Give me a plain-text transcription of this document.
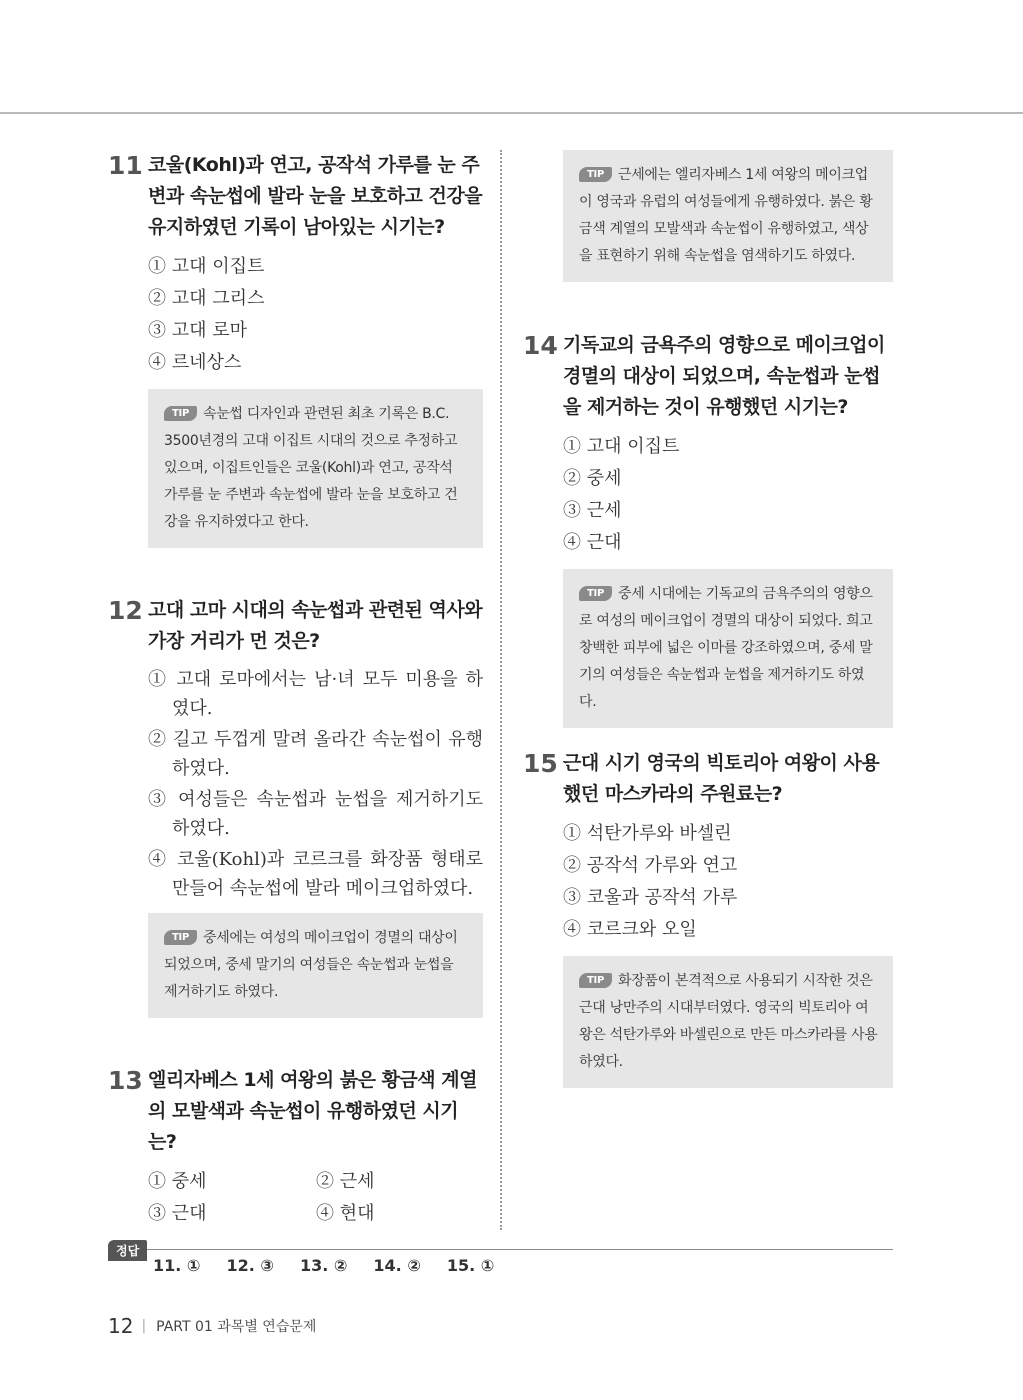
11 코울(Kohl)과 연고, 공작석 가루를 눈 주변과 속눈썹에 발라 눈을 보호하고 건강을 유지하였던 기록이 남아있는 시기는?
① 고대 이집트
② 고대 그리스
③ 고대 로마
④ 르네상스
TIP 속눈썹 디자인과 관련된 최초 기록은 B.C. 3500년경의 고대 이집트 시대의 것으로 추정하고 있으며, 이집트인들은 코울(Kohl)과 연고, 공작석 가루를 눈 주변과 속눈썹에 발라 눈을 보호하고 건강을 유지하였다고 한다.
12 고대 고마 시대의 속눈썹과 관련된 역사와 가장 거리가 먼 것은?
① 고대 로마에서는 남·녀 모두 미용을 하였다.
② 길고 두껍게 말려 올라간 속눈썹이 유행하였다.
③ 여성들은 속눈썹과 눈썹을 제거하기도 하였다.
④ 코울(Kohl)과 코르크를 화장품 형태로 만들어 속눈썹에 발라 메이크업하였다.
TIP 중세에는 여성의 메이크업이 경멸의 대상이 되었으며, 중세 말기의 여성들은 속눈썹과 눈썹을 제거하기도 하였다.
13 엘리자베스 1세 여왕의 붉은 황금색 계열의 모발색과 속눈썹이 유행하였던 시기는?
① 중세	② 근세
③ 근대	④ 현대
TIP 근세에는 엘리자베스 1세 여왕의 메이크업이 영국과 유럽의 여성들에게 유행하였다. 붉은 황금색 계열의 모발색과 속눈썹이 유행하였고, 색상을 표현하기 위해 속눈썹을 염색하기도 하였다.
14 기독교의 금욕주의 영향으로 메이크업이 경멸의 대상이 되었으며, 속눈썹과 눈썹을 제거하는 것이 유행했던 시기는?
① 고대 이집트
② 중세
③ 근세
④ 근대
TIP 중세 시대에는 기독교의 금욕주의의 영향으로 여성의 메이크업이 경멸의 대상이 되었다. 희고 창백한 피부에 넓은 이마를 강조하였으며, 중세 말기의 여성들은 속눈썹과 눈썹을 제거하기도 하였다.
15 근대 시기 영국의 빅토리아 여왕이 사용했던 마스카라의 주원료는?
① 석탄가루와 바셀린
② 공작석 가루와 연고
③ 코울과 공작석 가루
④ 코르크와 오일
TIP 화장품이 본격적으로 사용되기 시작한 것은 근대 낭만주의 시대부터였다. 영국의 빅토리아 여왕은 석탄가루와 바셀린으로 만든 마스카라를 사용하였다.
정답
11. ① 12. ③ 13. ② 14. ② 15. ①
12 | PART 01 과목별 연습문제
